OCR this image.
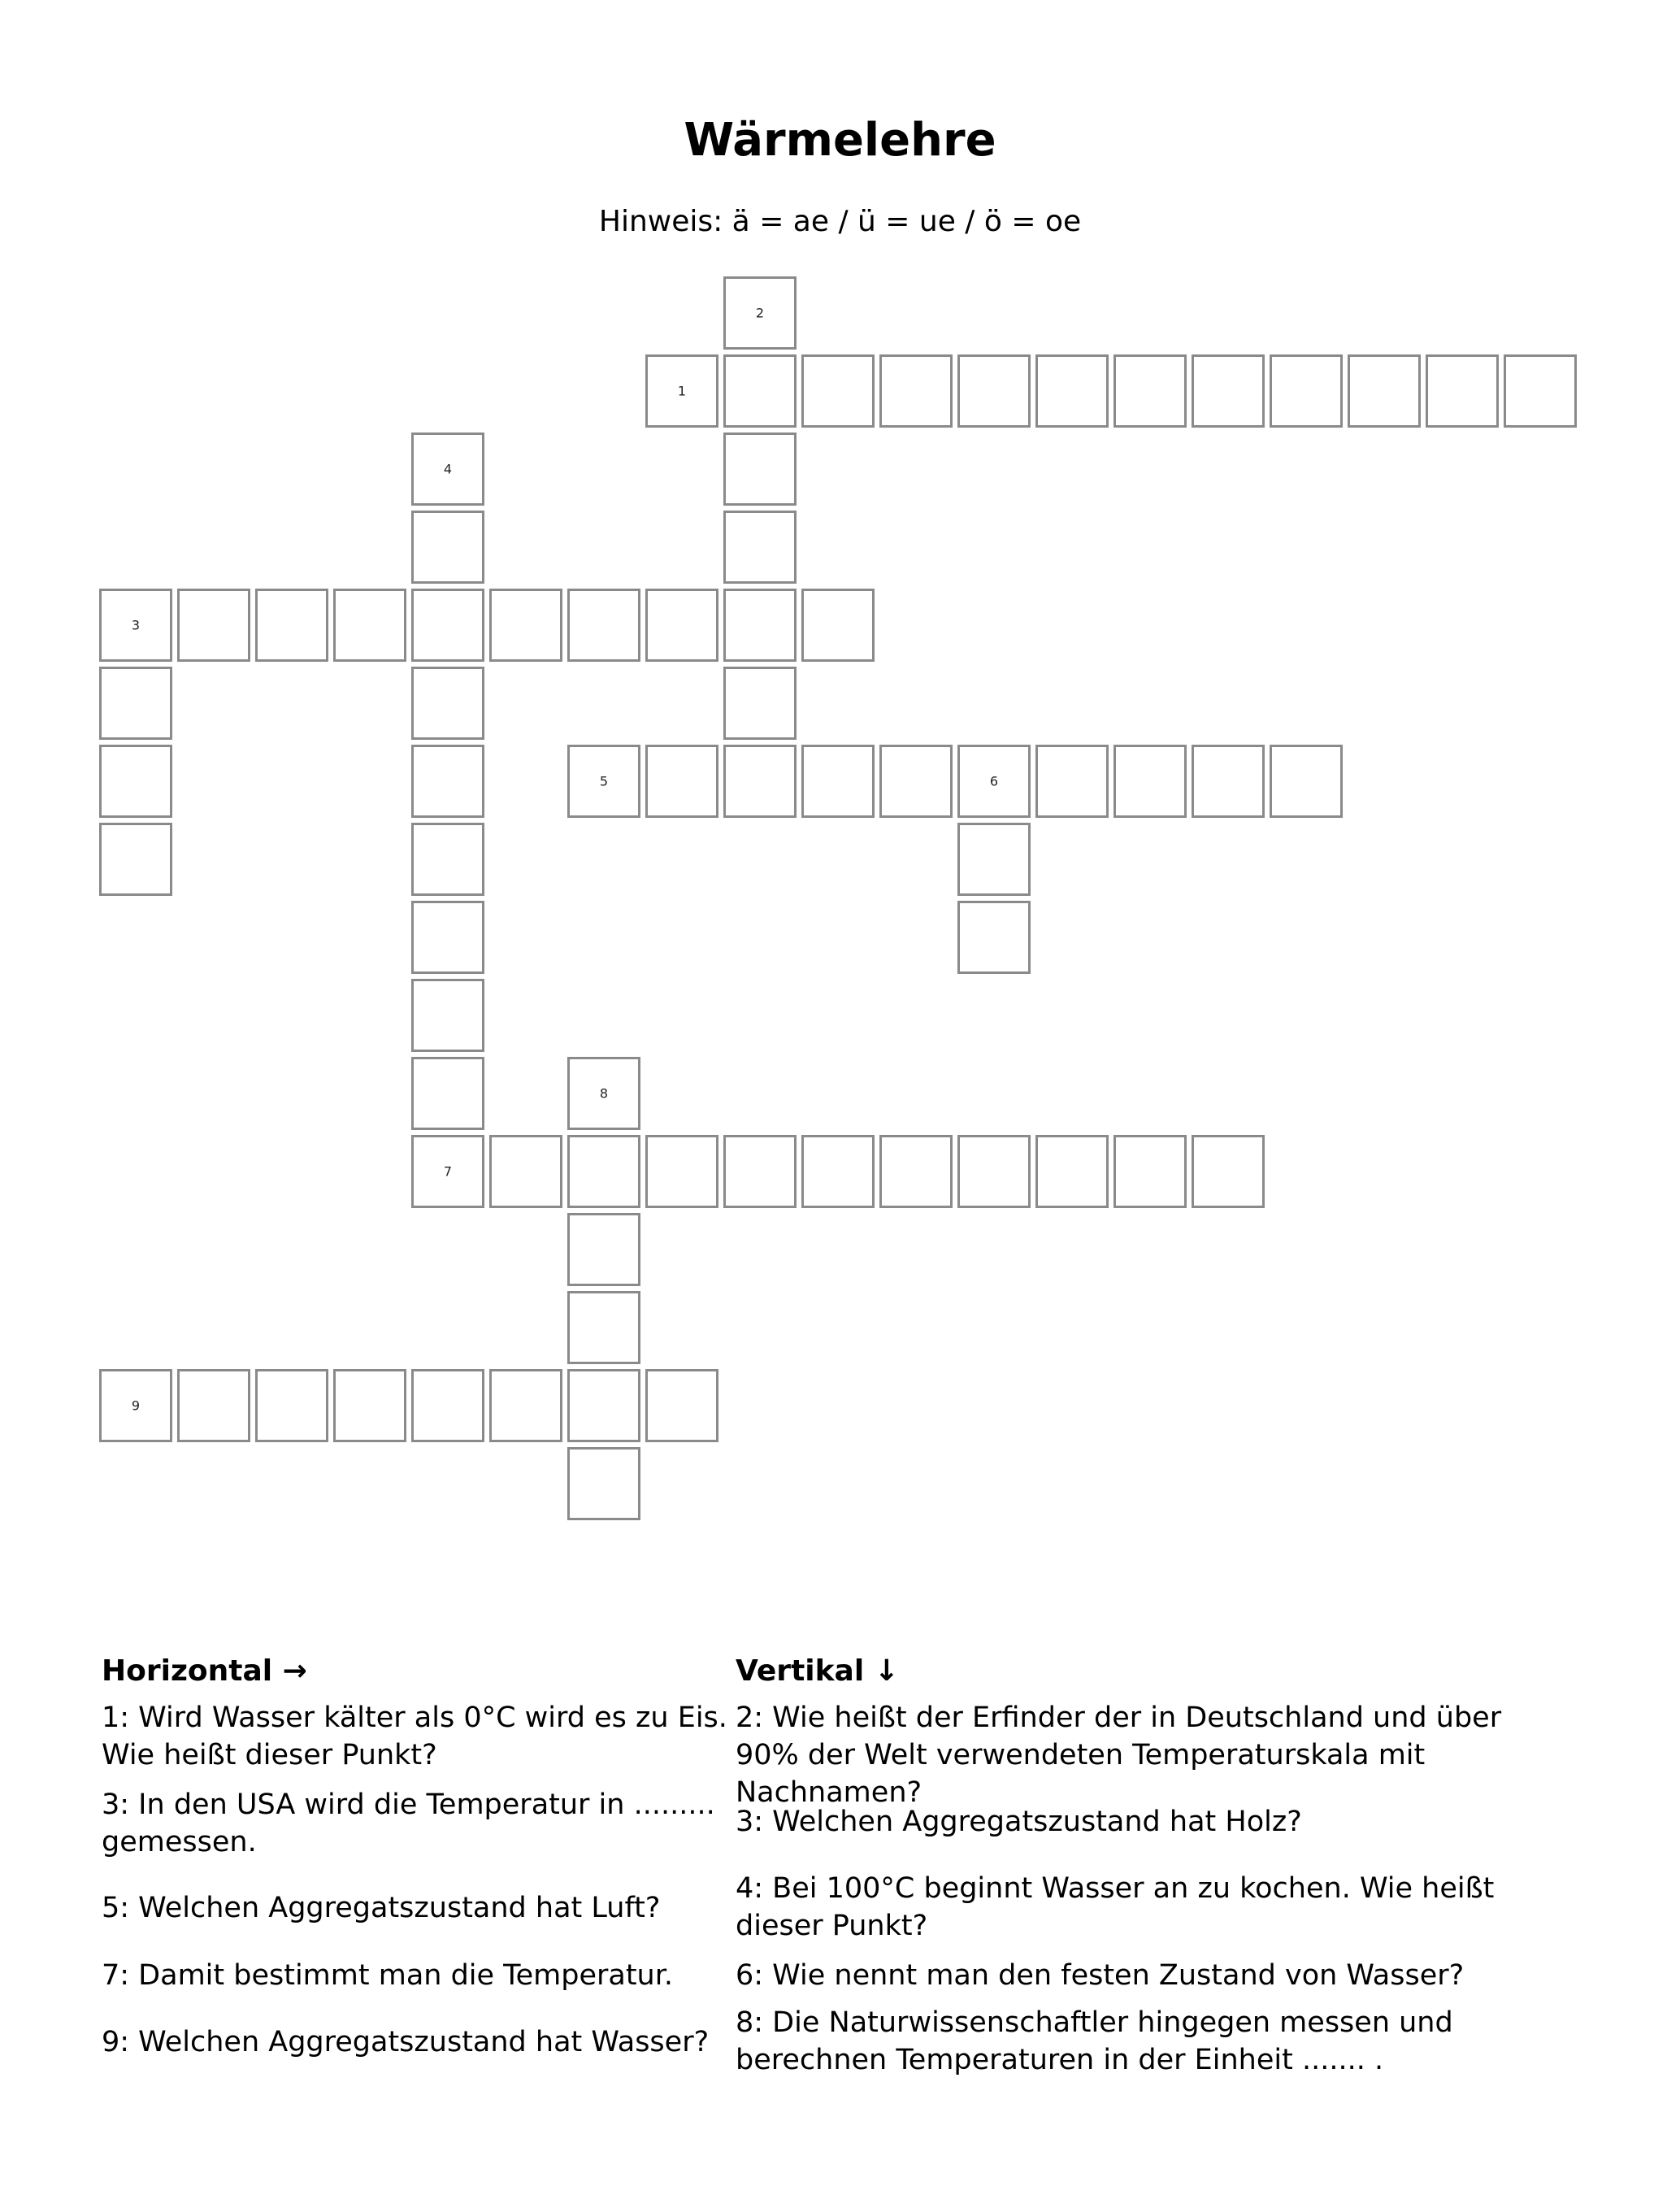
Wärmelehre
Hinweis: ä = ae / ü = ue / ö = oe
2
1
4
3
5	6
8
7
9
Horizontal →	Vertikal ↓
1: Wird Wasser kälter als 0°C wird es zu Eis. Wie heißt dieser Punkt?
3: In den USA wird die Temperatur in ......... gemessen.
5: Welchen Aggregatszustand hat Luft?
7: Damit bestimmt man die Temperatur.
9: Welchen Aggregatszustand hat Wasser?
2: Wie heißt der Erfinder der in Deutschland und über 90% der Welt verwendeten Temperaturskala mit Nachnamen?
3: Welchen Aggregatszustand hat Holz?
4: Bei 100°C beginnt Wasser an zu kochen. Wie heißt dieser Punkt?
6: Wie nennt man den festen Zustand von Wasser?
8: Die Naturwissenschaftler hingegen messen und berechnen Temperaturen in der Einheit ....... .
